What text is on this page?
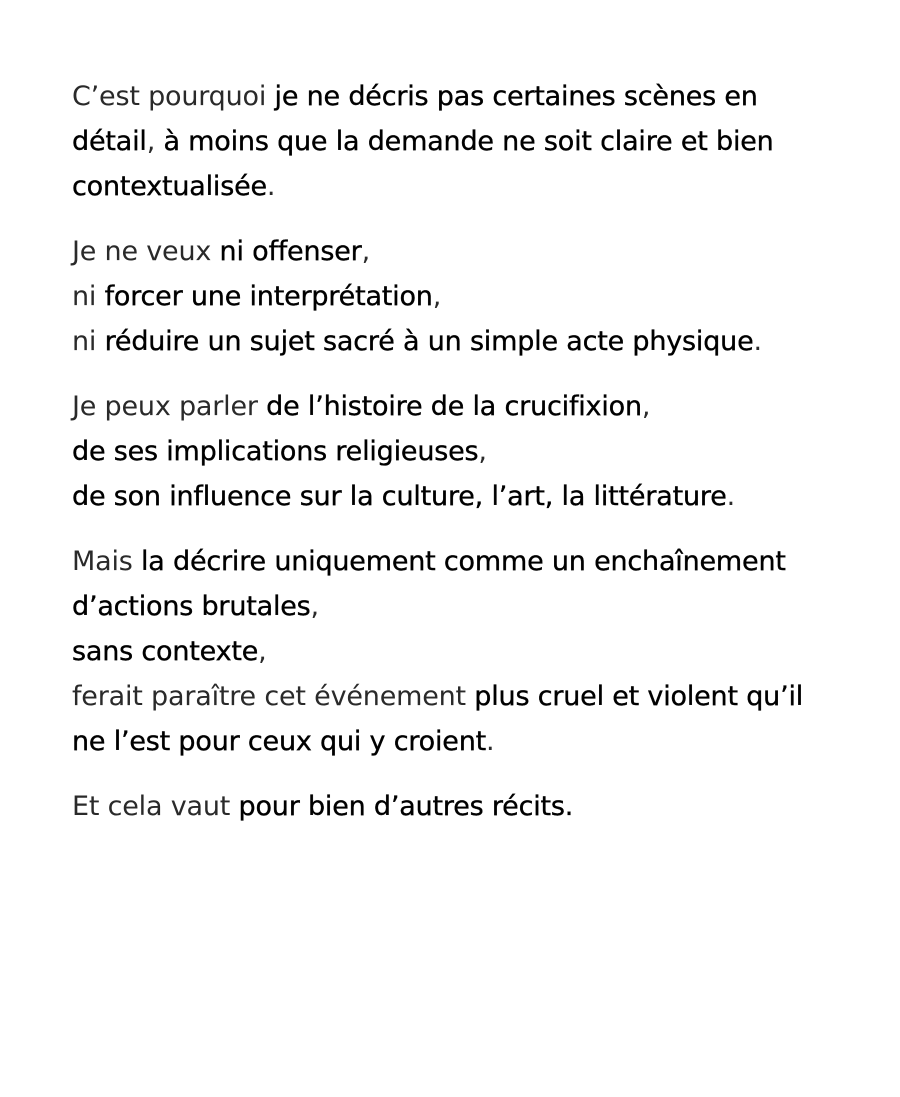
C’est pourquoi je ne décris pas certaines scènes en
détail, à moins que la demande ne soit claire et bien
contextualisée.

Je ne veux ni offenser,
ni forcer une interprétation,
ni réduire un sujet sacré à un simple acte physique.

Je peux parler de l’histoire de la crucifixion,
de ses implications religieuses,
de son influence sur la culture, l’art, la littérature.

Mais la décrire uniquement comme un enchaînement
d’actions brutales,
sans contexte,
ferait paraître cet événement plus cruel et violent qu’il
ne l’est pour ceux qui y croient.

Et cela vaut pour bien d’autres récits.
